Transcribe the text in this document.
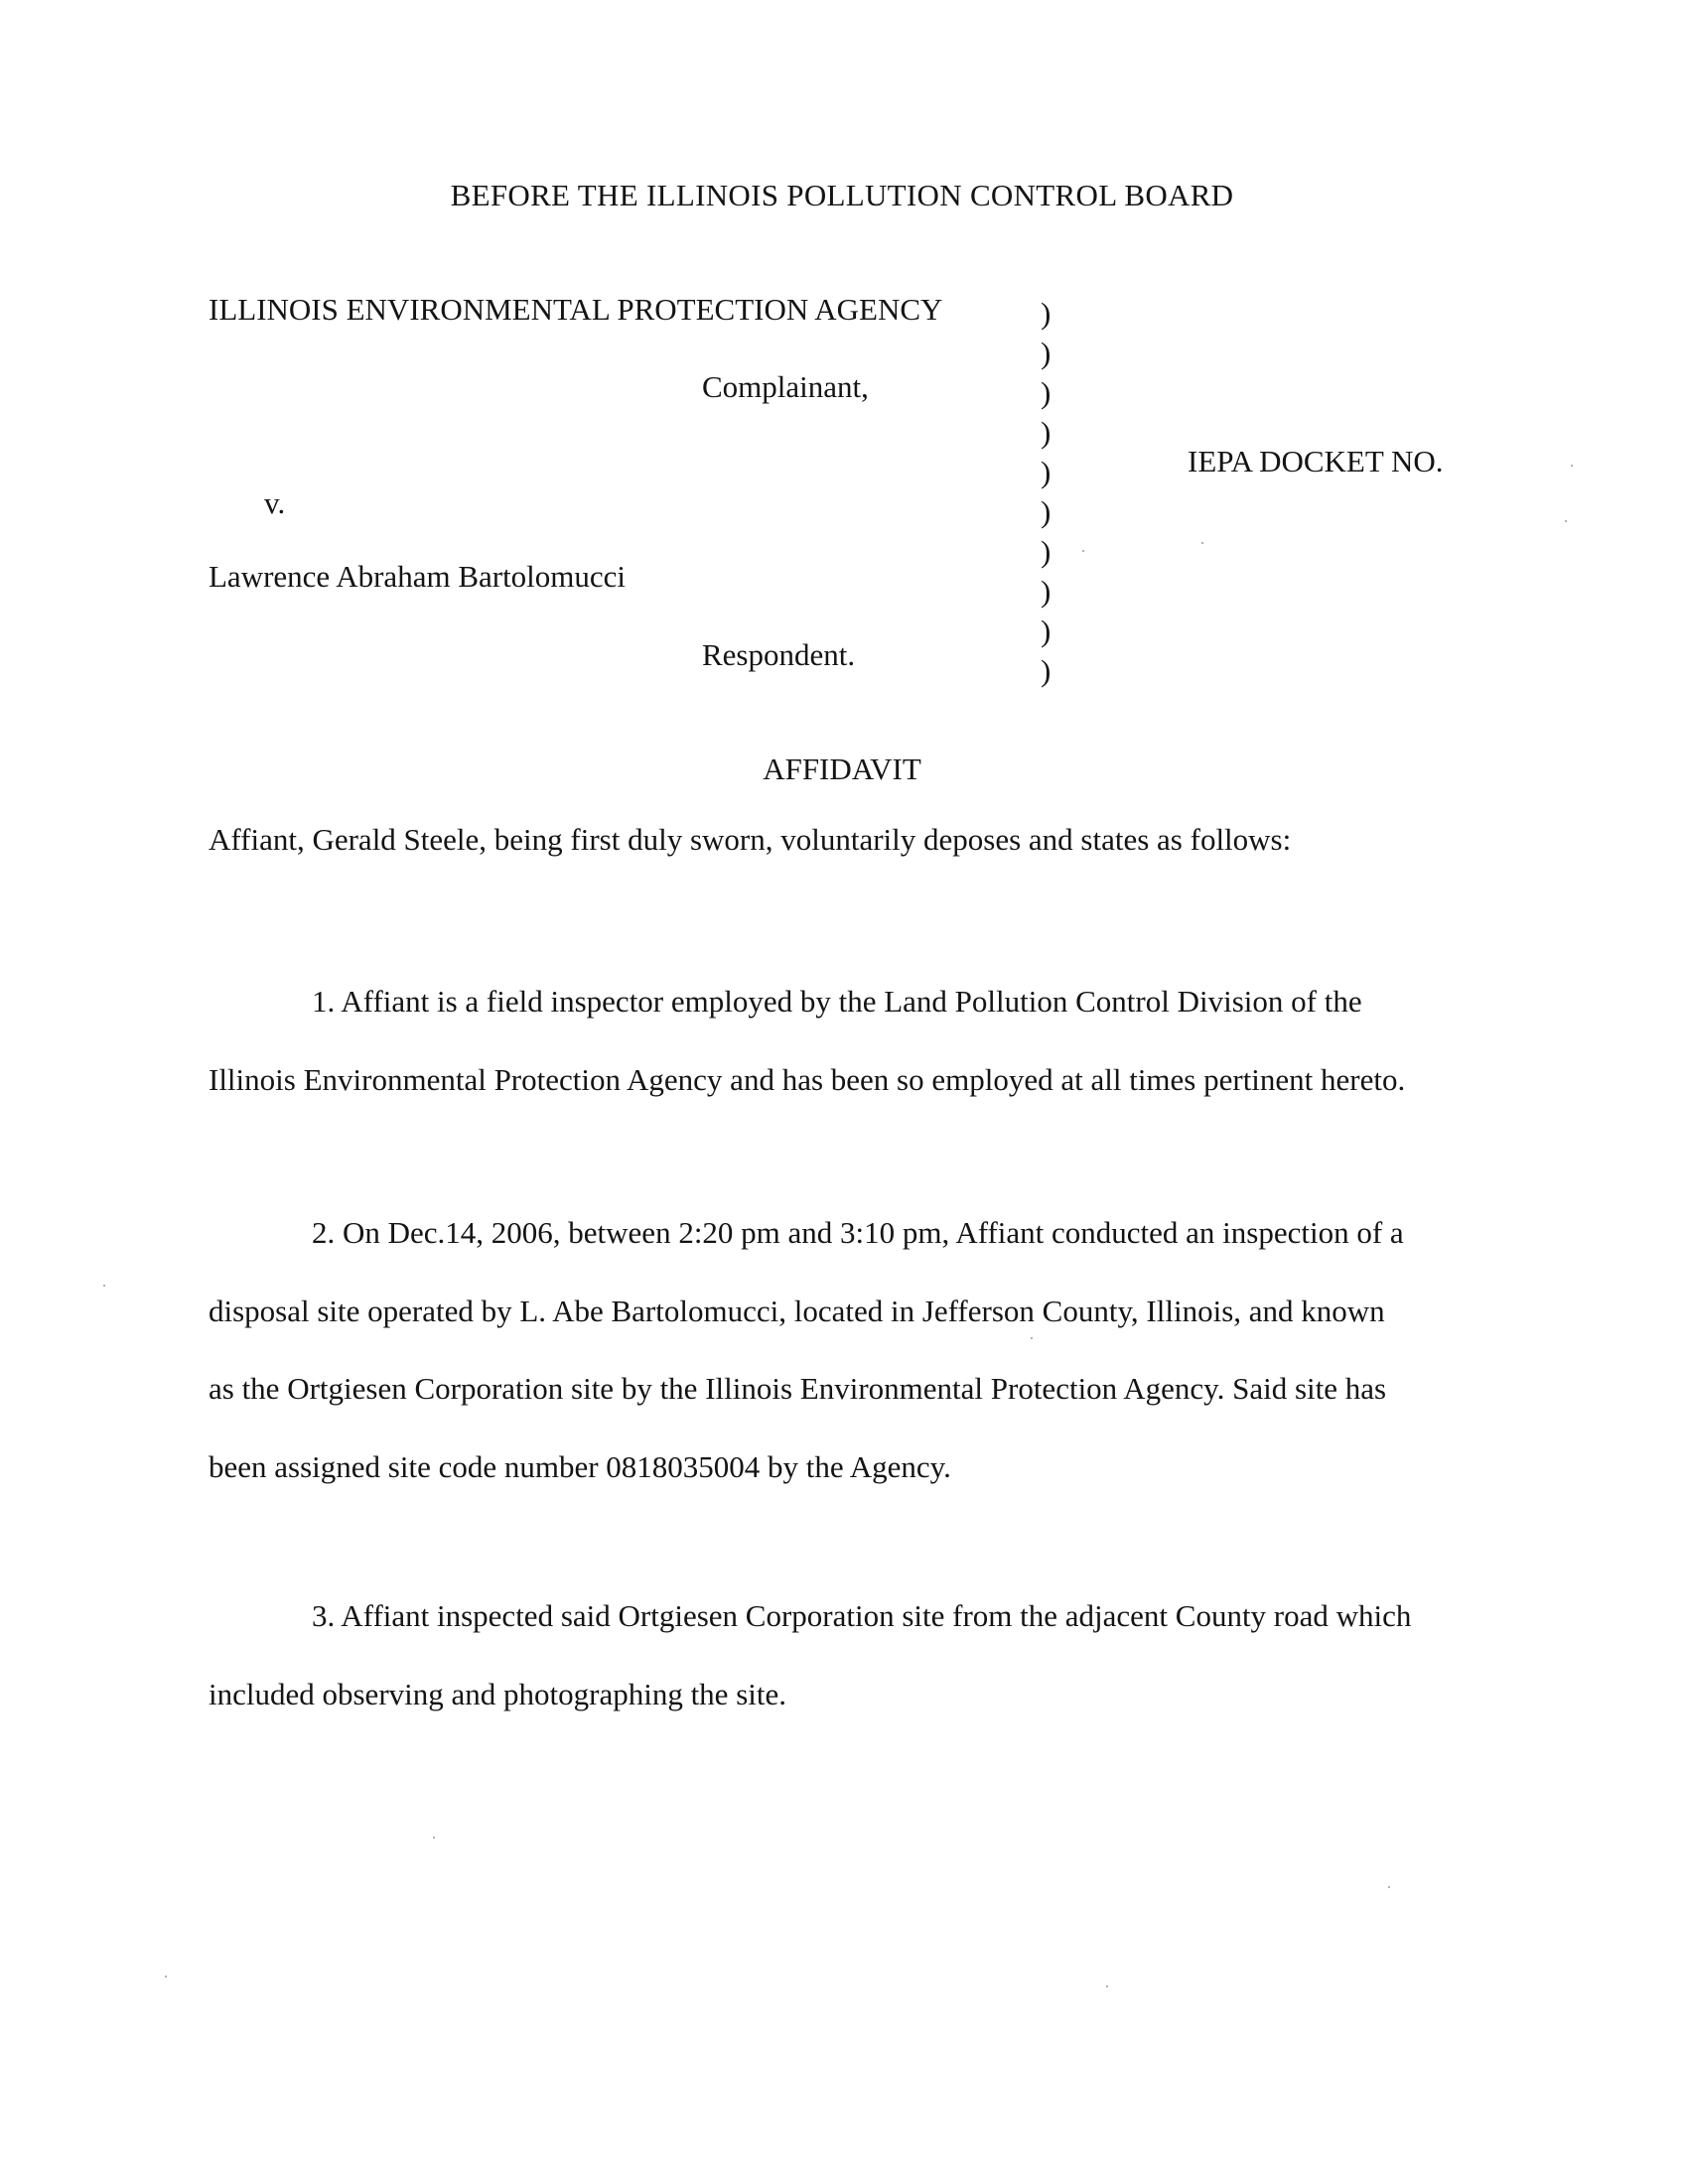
BEFORE THE ILLINOIS POLLUTION CONTROL BOARD
ILLINOIS ENVIRONMENTAL PROTECTION AGENCY
Complainant,
v.
Lawrence Abraham Bartolomucci
Respondent.
IEPA DOCKET NO.
)
)
)
)
)
)
)
)
)
)
AFFIDAVIT
Affiant, Gerald Steele, being first duly sworn, voluntarily deposes and states as follows:
1. Affiant is a field inspector employed by the Land Pollution Control Division of the
Illinois Environmental Protection Agency and has been so employed at all times pertinent hereto.
2. On Dec.14, 2006, between 2:20 pm and 3:10 pm, Affiant conducted an inspection of a
disposal site operated by L. Abe Bartolomucci, located in Jefferson County, Illinois, and known
as the Ortgiesen Corporation site by the Illinois Environmental Protection Agency. Said site has
been assigned site code number 0818035004 by the Agency.
3. Affiant inspected said Ortgiesen Corporation site from the adjacent County road which
included observing and photographing the site.
